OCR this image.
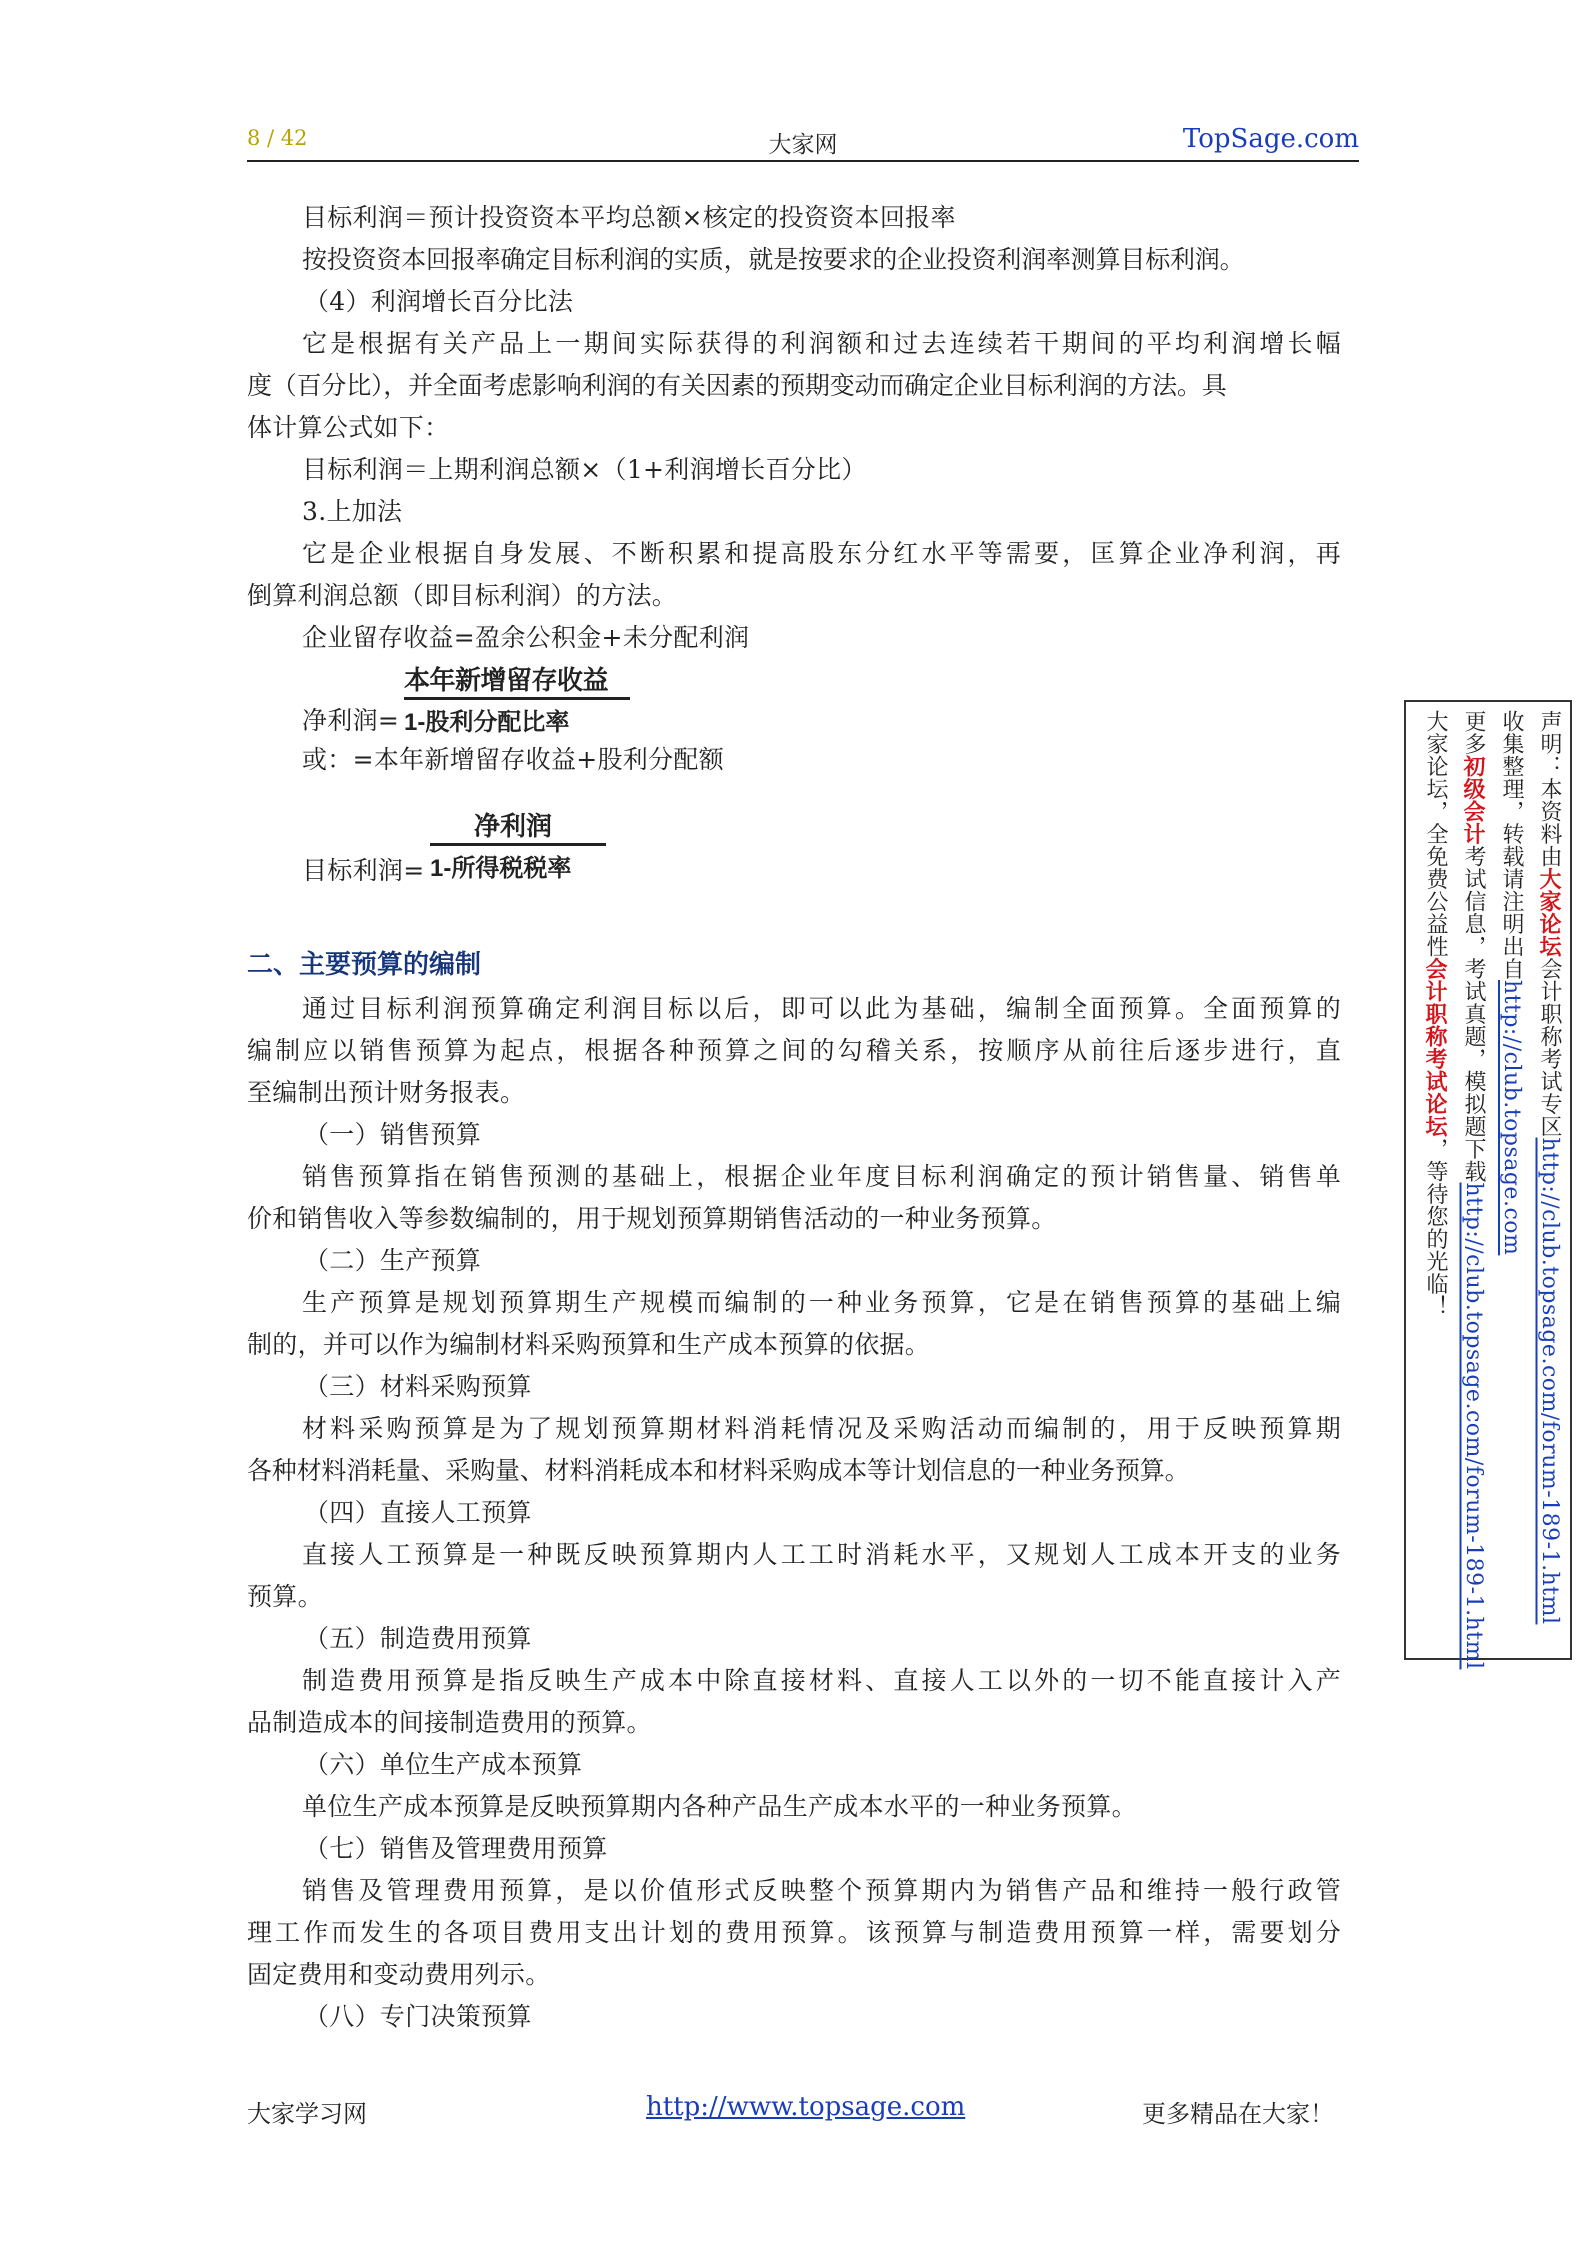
8 / 42	大家网	TopSage.com
目标利润＝预计投资资本平均总额×核定的投资资本回报率
按投资资本回报率确定目标利润的实质，就是按要求的企业投资利润率测算目标利润。
（4）利润增长百分比法
它是根据有关产品上一期间实际获得的利润额和过去连续若干期间的平均利润增长幅
度（百分比），并全面考虑影响利润的有关因素的预期变动而确定企业目标利润的方法。具
体计算公式如下：
目标利润＝上期利润总额×（1+利润增长百分比）
3.上加法
它是企业根据自身发展、不断积累和提高股东分红水平等需要，匡算企业净利润，再
倒算利润总额（即目标利润）的方法。
企业留存收益=盈余公积金+未分配利润
净利润=
本年新增留存收益
1-股利分配比率
或：=本年新增留存收益+股利分配额
目标利润=
净利润
1-所得税税率
二、主要预算的编制
通过目标利润预算确定利润目标以后，即可以此为基础，编制全面预算。全面预算的
编制应以销售预算为起点，根据各种预算之间的勾稽关系，按顺序从前往后逐步进行，直
至编制出预计财务报表。
（一）销售预算
销售预算指在销售预测的基础上，根据企业年度目标利润确定的预计销售量、销售单
价和销售收入等参数编制的，用于规划预算期销售活动的一种业务预算。
（二）生产预算
生产预算是规划预算期生产规模而编制的一种业务预算，它是在销售预算的基础上编
制的，并可以作为编制材料采购预算和生产成本预算的依据。
（三）材料采购预算
材料采购预算是为了规划预算期材料消耗情况及采购活动而编制的，用于反映预算期
各种材料消耗量、采购量、材料消耗成本和材料采购成本等计划信息的一种业务预算。
（四）直接人工预算
直接人工预算是一种既反映预算期内人工工时消耗水平，又规划人工成本开支的业务
预算。
（五）制造费用预算
制造费用预算是指反映生产成本中除直接材料、直接人工以外的一切不能直接计入产
品制造成本的间接制造费用的预算。
（六）单位生产成本预算
单位生产成本预算是反映预算期内各种产品生产成本水平的一种业务预算。
（七）销售及管理费用预算
销售及管理费用预算，是以价值形式反映整个预算期内为销售产品和维持一般行政管
理工作而发生的各项目费用支出计划的费用预算。该预算与制造费用预算一样，需要划分
固定费用和变动费用列示。
（八）专门决策预算
声明：本资料由大家论坛会计职称考试专区http://club.topsage.com/forum-189-1.html
收集整理，转载请注明出自http://club.topsage.com
更多初级会计考试信息，考试真题，模拟题下载http://club.topsage.com/forum-189-1.html
大家论坛，全免费公益性会计职称考试论坛，等待您的光临！
大家学习网	http://www.topsage.com	更多精品在大家！
